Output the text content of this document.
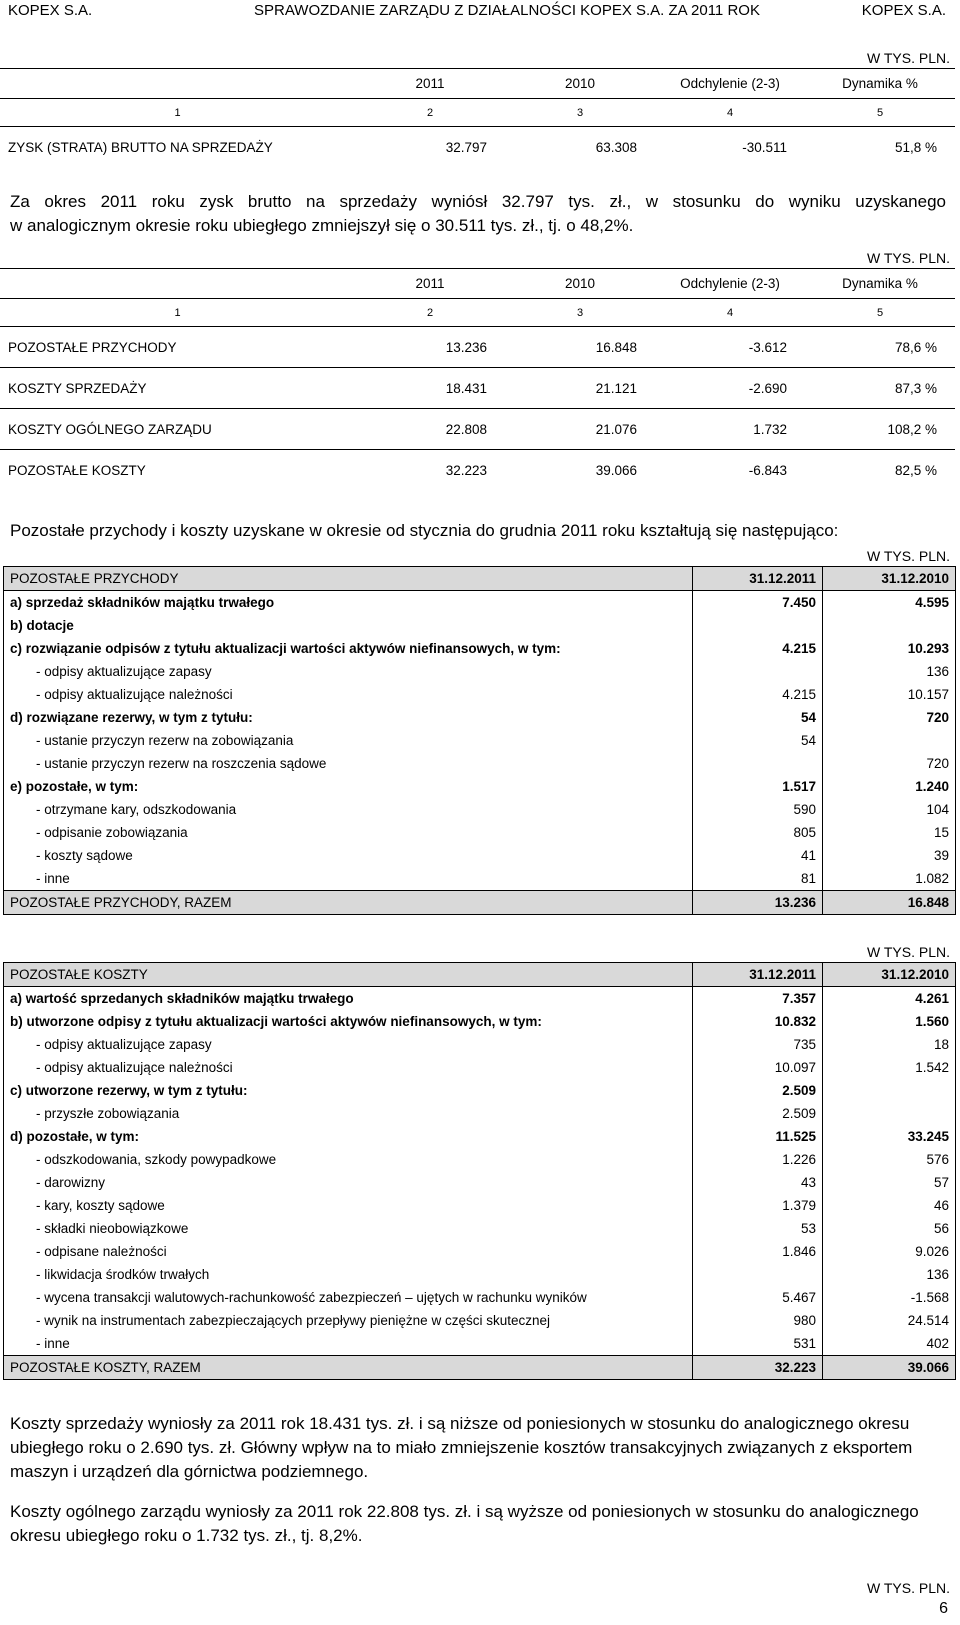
KOPEX S.A.	SPRAWOZDANIE ZARZĄDU Z DZIAŁALNOŚCI KOPEX S.A. ZA 2011 ROK	KOPEX S.A.
W TYS. PLN.
	2011	2010	Odchylenie (2-3)	Dynamika %
1	2	3	4	5
ZYSK (STRATA) BRUTTO NA SPRZEDAŻY	32.797	63.308	-30.511	51,8 %
Za okres 2011 roku zysk brutto na sprzedaży wyniósł 32.797 tys. zł., w stosunku do wyniku uzyskanego
w analogicznym okresie roku ubiegłego zmniejszył się o 30.511 tys. zł., tj. o 48,2%.
W TYS. PLN.
	2011	2010	Odchylenie (2-3)	Dynamika %
1	2	3	4	5
POZOSTAŁE PRZYCHODY	13.236	16.848	-3.612	78,6 %
KOSZTY SPRZEDAŻY	18.431	21.121	-2.690	87,3 %
KOSZTY OGÓLNEGO ZARZĄDU	22.808	21.076	1.732	108,2 %
POZOSTAŁE KOSZTY	32.223	39.066	-6.843	82,5 %
Pozostałe przychody i koszty uzyskane w okresie od stycznia do grudnia 2011 roku kształtują się następująco:
W TYS. PLN.
POZOSTAŁE PRZYCHODY	31.12.2011	31.12.2010
a) sprzedaż składników majątku trwałego	7.450	4.595
b) dotacje		
c) rozwiązanie odpisów z tytułu aktualizacji wartości aktywów niefinansowych, w tym:	4.215	10.293
- odpisy aktualizujące zapasy		136
- odpisy aktualizujące należności	4.215	10.157
d) rozwiązane rezerwy, w tym z tytułu:	54	720
- ustanie przyczyn rezerw na zobowiązania	54	
- ustanie przyczyn rezerw na roszczenia sądowe		720
e) pozostałe, w tym:	1.517	1.240
- otrzymane kary, odszkodowania	590	104
- odpisanie zobowiązania	805	15
- koszty sądowe	41	39
- inne	81	1.082
POZOSTAŁE PRZYCHODY, RAZEM	13.236	16.848
W TYS. PLN.
POZOSTAŁE KOSZTY	31.12.2011	31.12.2010
a) wartość sprzedanych składników majątku trwałego	7.357	4.261
b) utworzone odpisy z tytułu aktualizacji wartości aktywów niefinansowych, w tym:	10.832	1.560
- odpisy aktualizujące zapasy	735	18
- odpisy aktualizujące należności	10.097	1.542
c) utworzone rezerwy, w tym z tytułu:	2.509	
- przyszłe zobowiązania	2.509	
d) pozostałe, w tym:	11.525	33.245
- odszkodowania, szkody powypadkowe	1.226	576
- darowizny	43	57
- kary, koszty sądowe	1.379	46
- składki nieobowiązkowe	53	56
- odpisane należności	1.846	9.026
- likwidacja środków trwałych		136
- wycena transakcji walutowych-rachunkowość zabezpieczeń – ujętych w rachunku wyników	5.467	-1.568
- wynik na instrumentach zabezpieczających przepływy pieniężne w części skutecznej	980	24.514
- inne	531	402
POZOSTAŁE KOSZTY, RAZEM	32.223	39.066
Koszty sprzedaży wyniosły za 2011 rok 18.431 tys. zł. i są niższe od poniesionych w stosunku do analogicznego okresu ubiegłego roku o 2.690 tys. zł. Główny wpływ na to miało zmniejszenie kosztów transakcyjnych związanych z eksportem maszyn i urządzeń dla górnictwa podziemnego.
Koszty ogólnego zarządu wyniosły za 2011 rok 22.808 tys. zł. i są wyższe od poniesionych w stosunku do analogicznego okresu ubiegłego roku o 1.732 tys. zł., tj. 8,2%.
W TYS. PLN.
6
